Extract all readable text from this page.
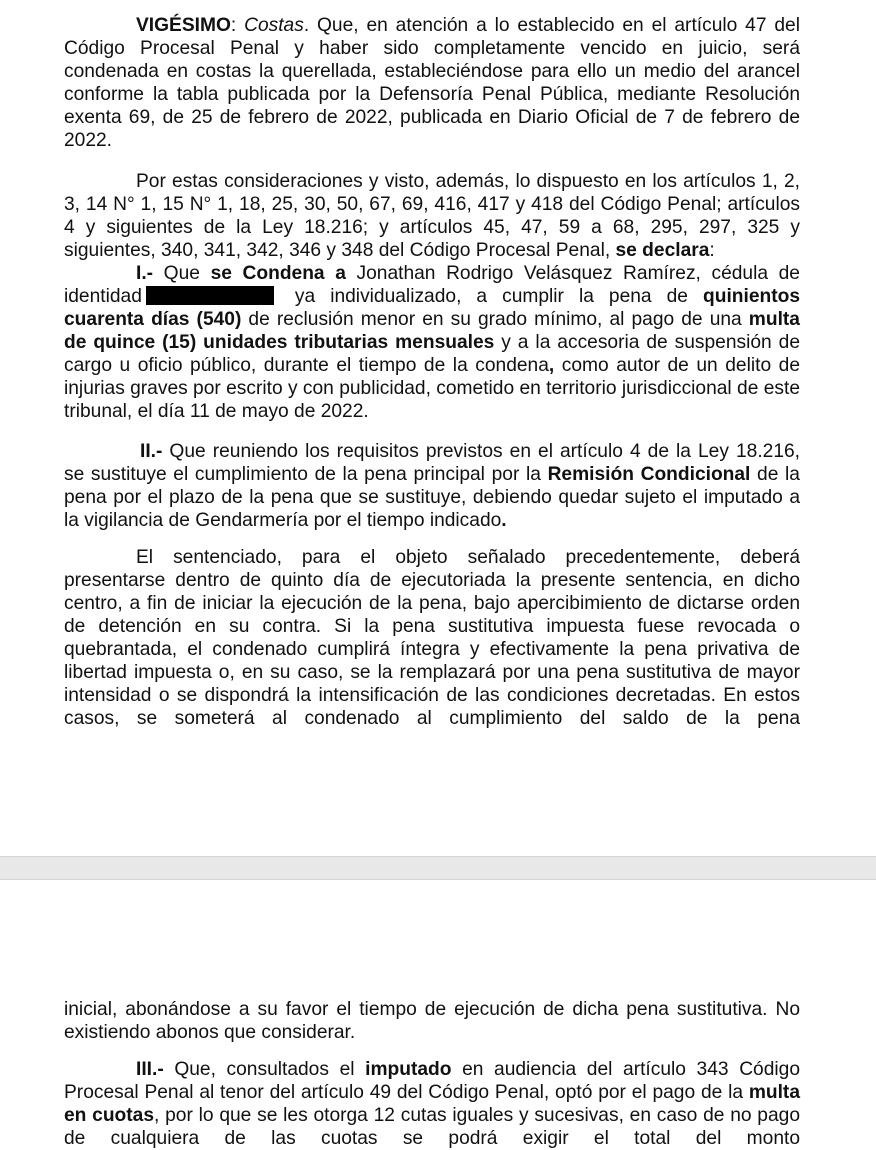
VIGÉSIMO: Costas. Que, en atención a lo establecido en el artículo 47 del Código Procesal Penal y haber sido completamente vencido en juicio, será condenada en costas la querellada, estableciéndose para ello un medio del arancel conforme la tabla publicada por la Defensoría Penal Pública, mediante Resolución exenta 69, de 25 de febrero de 2022, publicada en Diario Oficial de 7 de febrero de 2022.

Por estas consideraciones y visto, además, lo dispuesto en los artículos 1, 2, 3, 14 N° 1, 15 N° 1, 18, 25, 30, 50, 67, 69, 416, 417 y 418 del Código Penal; artículos 4 y siguientes de la Ley 18.216; y artículos 45, 47, 59 a 68, 295, 297, 325 y siguientes, 340, 341, 342, 346 y 348 del Código Procesal Penal, se declara:

I.- Que se Condena a Jonathan Rodrigo Velásquez Ramírez, cédula de identidad	ya individualizado, a cumplir la pena de quinientos cuarenta días (540) de reclusión menor en su grado mínimo, al pago de una multa de quince (15) unidades tributarias mensuales y a la accesoria de suspensión de cargo u oficio público, durante el tiempo de la condena, como autor de un delito de injurias graves por escrito y con publicidad, cometido en territorio jurisdiccional de este tribunal, el día 11 de mayo de 2022.

II.- Que reuniendo los requisitos previstos en el artículo 4 de la Ley 18.216, se sustituye el cumplimiento de la pena principal por la Remisión Condicional de la pena por el plazo de la pena que se sustituye, debiendo quedar sujeto el imputado a la vigilancia de Gendarmería por el tiempo indicado.

El sentenciado, para el objeto señalado precedentemente, deberá presentarse dentro de quinto día de ejecutoriada la presente sentencia, en dicho centro, a fin de iniciar la ejecución de la pena, bajo apercibimiento de dictarse orden de detención en su contra. Si la pena sustitutiva impuesta fuese revocada o quebrantada, el condenado cumplirá íntegra y efectivamente la pena privativa de libertad impuesta o, en su caso, se la remplazará por una pena sustitutiva de mayor intensidad o se dispondrá la intensificación de las condiciones decretadas. En estos casos, se someterá al condenado al cumplimiento del saldo de la pena

inicial, abonándose a su favor el tiempo de ejecución de dicha pena sustitutiva. No existiendo abonos que considerar.

III.- Que, consultados el imputado en audiencia del artículo 343 Código Procesal Penal al tenor del artículo 49 del Código Penal, optó por el pago de la multa en cuotas, por lo que se les otorga 12 cutas iguales y sucesivas, en caso de no pago de cualquiera de las cuotas se podrá exigir el total del monto
